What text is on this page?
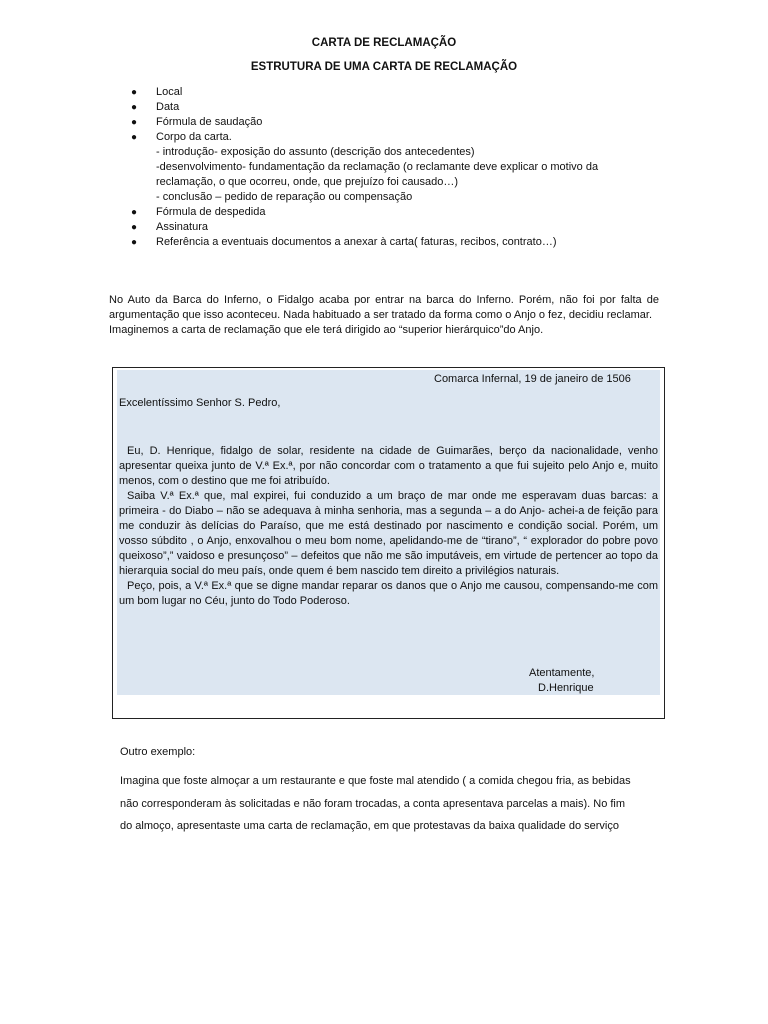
CARTA DE RECLAMAÇÃO
ESTRUTURA DE UMA CARTA DE RECLAMAÇÃO
● Local
● Data
● Fórmula de saudação
● Corpo da carta.
- introdução- exposição do assunto (descrição dos antecedentes)
-desenvolvimento- fundamentação da reclamação (o reclamante deve explicar o motivo da reclamação, o que ocorreu, onde, que prejuízo foi causado…)
- conclusão – pedido de reparação ou compensação
● Fórmula de despedida
● Assinatura
● Referência a eventuais documentos a anexar à carta( faturas, recibos, contrato…)

No Auto da Barca do Inferno, o Fidalgo acaba por entrar na barca do Inferno. Porém, não foi por falta de argumentação que isso aconteceu. Nada habituado a ser tratado da forma como o Anjo o fez, decidiu reclamar.

Imaginemos a carta de reclamação que ele terá dirigido ao “superior hierárquico”do Anjo.

Comarca Infernal, 19 de janeiro de 1506
Excelentíssimo Senhor S. Pedro,

Eu, D. Henrique, fidalgo de solar, residente na cidade de Guimarães, berço da nacionalidade, venho apresentar queixa junto de V.ª Ex.ª, por não concordar com o tratamento a que fui sujeito pelo Anjo e, muito menos, com o destino que me foi atribuído.

Saiba V.ª Ex.ª que, mal expirei, fui conduzido a um braço de mar onde me esperavam duas barcas: a primeira - do Diabo – não se adequava à minha senhoria, mas a segunda – a do Anjo- achei-a de feição para me conduzir às delícias do Paraíso, que me está destinado por nascimento e condição social. Porém, um vosso súbdito , o Anjo, enxovalhou o meu bom nome, apelidando-me de “tirano”, “ explorador do pobre povo queixoso”,” vaidoso e presunçoso” – defeitos que não me são imputáveis, em virtude de pertencer ao topo da hierarquia social do meu país, onde quem é bem nascido tem direito a privilégios naturais.

Peço, pois, a V.ª Ex.ª que se digne mandar reparar os danos que o Anjo me causou, compensando-me com um bom lugar no Céu, junto do Todo Poderoso.

Atentamente,
D.Henrique
Outro exemplo:

Imagina que foste almoçar a um restaurante e que foste mal atendido ( a comida chegou fria, as bebidas não corresponderam às solicitadas e não foram trocadas, a conta apresentava parcelas a mais). No fim do almoço, apresentaste uma carta de reclamação, em que protestavas da baixa qualidade do serviço
